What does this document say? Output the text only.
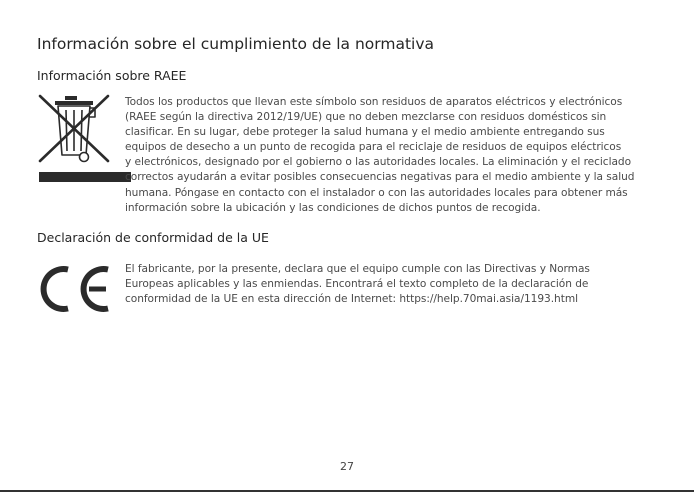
Información sobre el cumplimiento de la normativa
Información sobre RAEE
Todos los productos que llevan este símbolo son residuos de aparatos eléctricos y electrónicos
(RAEE según la directiva 2012/19/UE) que no deben mezclarse con residuos domésticos sin
clasificar. En su lugar, debe proteger la salud humana y el medio ambiente entregando sus
equipos de desecho a un punto de recogida para el reciclaje de residuos de equipos eléctricos
y electrónicos, designado por el gobierno o las autoridades locales. La eliminación y el reciclado
correctos ayudarán a evitar posibles consecuencias negativas para el medio ambiente y la salud
humana. Póngase en contacto con el instalador o con las autoridades locales para obtener más
información sobre la ubicación y las condiciones de dichos puntos de recogida.
Declaración de conformidad de la UE
El fabricante, por la presente, declara que el equipo cumple con las Directivas y Normas
Europeas aplicables y las enmiendas. Encontrará el texto completo de la declaración de
conformidad de la UE en esta dirección de Internet: https://help.70mai.asia/1193.html
27
